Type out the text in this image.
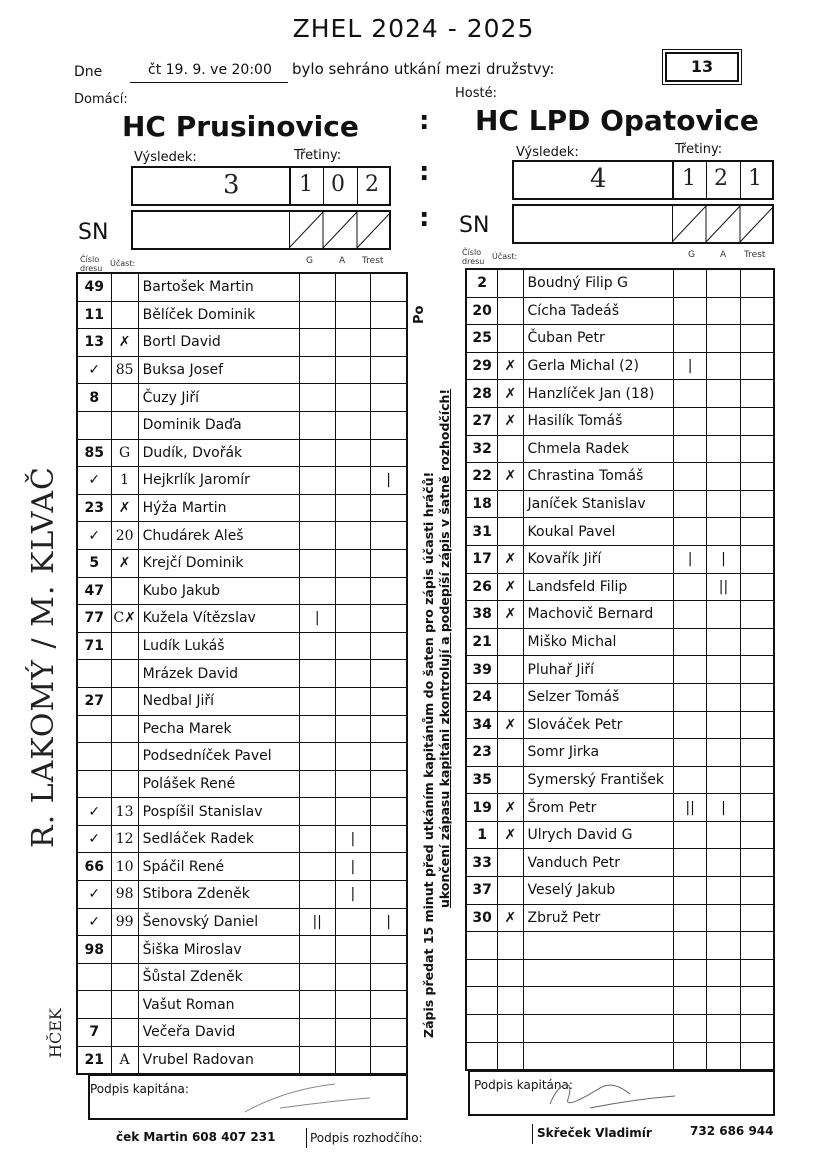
ZHEL 2024 - 2025
Dne	čt 19. 9. ve 20:00 bylo sehráno utkání mezi družstvy:	13
Domácí:	Hosté:
HC Prusinovice	HC LPD Opatovice
:
:
:
Výsledek:	Třetiny:
3	1 0 2
Výsledek:	Třetiny:
4	1 2 1
SN	SN
Číslo dresu
Účast:	G	A Trest
Číslo dresu
Účast:	G	A Trest
49		Bartošek Martin			
11		Bělíček Dominik			
13	✗	Bortl David			
✓	85	Buksa Josef			
8		Čuzy Jiří			
		Dominik Daďa			
85	G	Dudík, Dvořák			
✓	1	Hejkrlík Jaromír			|
23	✗	Hýža Martin			
✓	20	Chudárek Aleš			
5	✗	Krejčí Dominik			
47		Kubo Jakub			
77	C✗	Kužela Vítězslav	|		
71		Ludík Lukáš			
		Mrázek David			
27		Nedbal Jiří			
		Pecha Marek			
		Podsedníček Pavel			
		Polášek René			
✓	13	Pospíšil Stanislav			
✓	12	Sedláček Radek		|	
66	10	Spáčil René		|	
✓	98	Stibora Zdeněk		|	
✓	99	Šenovský Daniel	||		|
98		Šiška Miroslav			
		Šůstal Zdeněk			
		Vašut Roman			
7		Večeřa David			
21	A	Vrubel Radovan			
2		Boudný Filip G			
20		Cícha Tadeáš			
25		Čuban Petr			
29	✗	Gerla Michal (2)	|		
28	✗	Hanzlíček Jan (18)			
27	✗	Hasilík Tomáš			
32		Chmela Radek			
22	✗	Chrastina Tomáš			
18		Janíček Stanislav			
31		Koukal Pavel			
17	✗	Kovařík Jiří	|	|	
26	✗	Landsfeld Filip		||	
38	✗	Machovič Bernard			
21		Miško Michal			
39		Pluhař Jiří			
24		Selzer Tomáš			
34	✗	Slováček Petr			
23		Somr Jirka			
35		Symerský František			
19	✗	Šrom Petr	||	|	
1	✗	Ulrych David G			
33		Vanduch Petr			
37		Veselý Jakub			
30	✗	Zbruž Petr			

Po
Zápis předat 15 minut před utkáním kapitánům do šaten pro zápis účasti hráčů! ukončení zápasu kapitáni zkontrolují a podepíší zápis v šatně rozhodčích!
R. LAKOMÝ / M. KLVAČ
HČEK
Podpis kapitána:	Podpis kapitána:
ček Martin 608 407 231	Podpis rozhodčího:	Skřeček Vladimír	732 686 944
